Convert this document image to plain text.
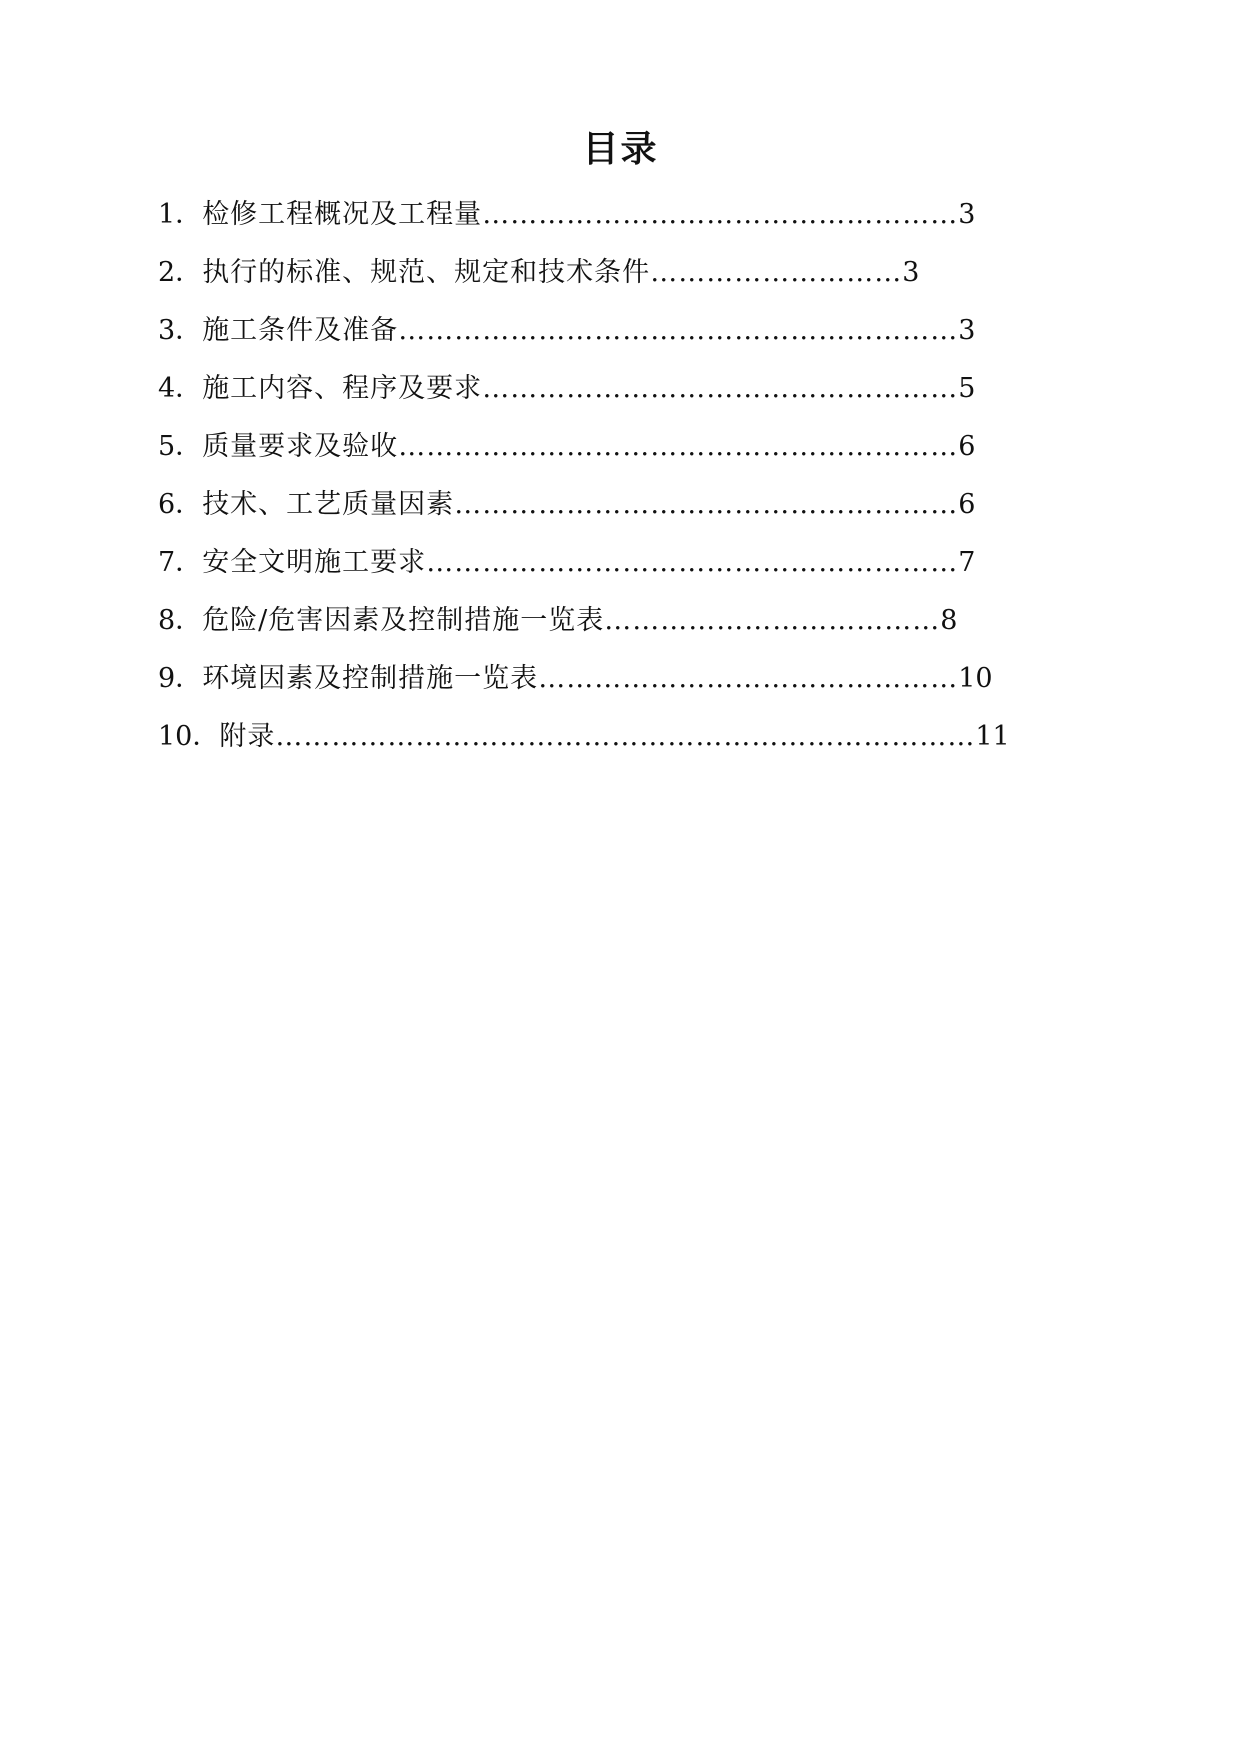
目录
1．检修工程概况及工程量……………………………………………3
2．执行的标准、规范、规定和技术条件………………………3
3．施工条件及准备……………………………………………………3
4．施工内容、程序及要求……………………………………………5
5．质量要求及验收……………………………………………………6
6．技术、工艺质量因素………………………………………………6
7．安全文明施工要求…………………………………………………7
8．危险/危害因素及控制措施一览表………………………………8
9．环境因素及控制措施一览表………………………………………10
10．附录…………………………………………………………………11
